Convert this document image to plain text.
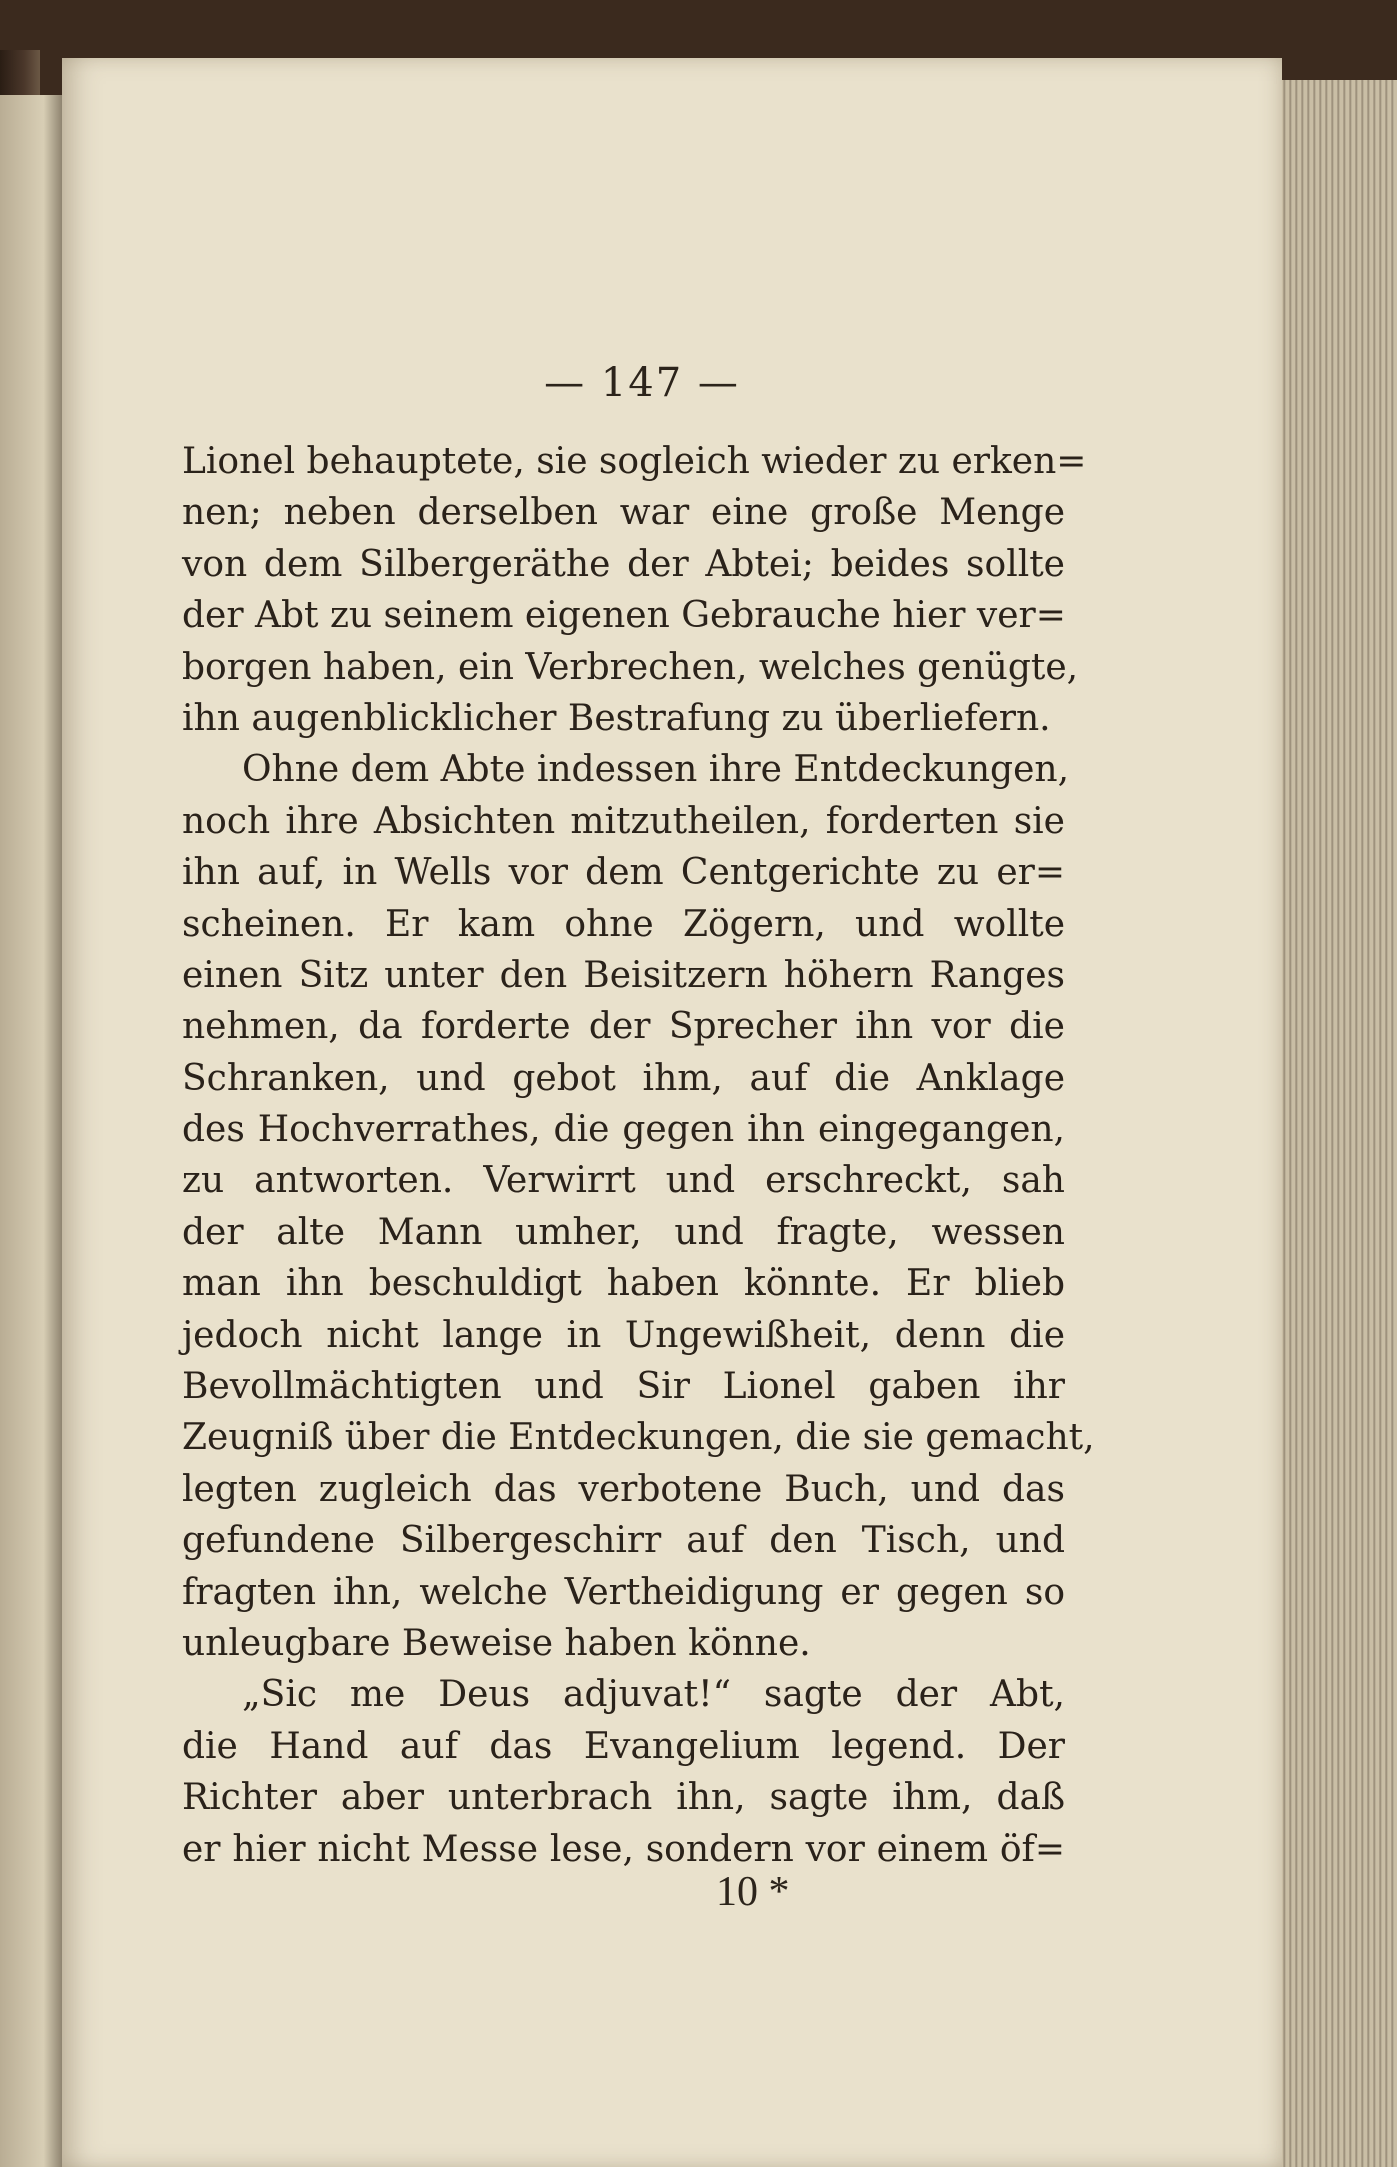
— 147 —
Lionel behauptete, sie sogleich wieder zu erken=
nen; neben derselben war eine große Menge
von dem Silbergeräthe der Abtei; beides sollte
der Abt zu seinem eigenen Gebrauche hier ver=
borgen haben, ein Verbrechen, welches genügte,
ihn augenblicklicher Bestrafung zu überliefern.
Ohne dem Abte indessen ihre Entdeckungen,
noch ihre Absichten mitzutheilen, forderten sie
ihn auf, in Wells vor dem Centgerichte zu er=
scheinen. Er kam ohne Zögern, und wollte
einen Sitz unter den Beisitzern höhern Ranges
nehmen, da forderte der Sprecher ihn vor die
Schranken, und gebot ihm, auf die Anklage
des Hochverrathes, die gegen ihn eingegangen,
zu antworten. Verwirrt und erschreckt, sah
der alte Mann umher, und fragte, wessen
man ihn beschuldigt haben könnte. Er blieb
jedoch nicht lange in Ungewißheit, denn die
Bevollmächtigten und Sir Lionel gaben ihr
Zeugniß über die Entdeckungen, die sie gemacht,
legten zugleich das verbotene Buch, und das
gefundene Silbergeschirr auf den Tisch, und
fragten ihn, welche Vertheidigung er gegen so
unleugbare Beweise haben könne.
„Sic me Deus adjuvat!“ sagte der Abt,
die Hand auf das Evangelium legend. Der
Richter aber unterbrach ihn, sagte ihm, daß
er hier nicht Messe lese, sondern vor einem öf=
10 *
